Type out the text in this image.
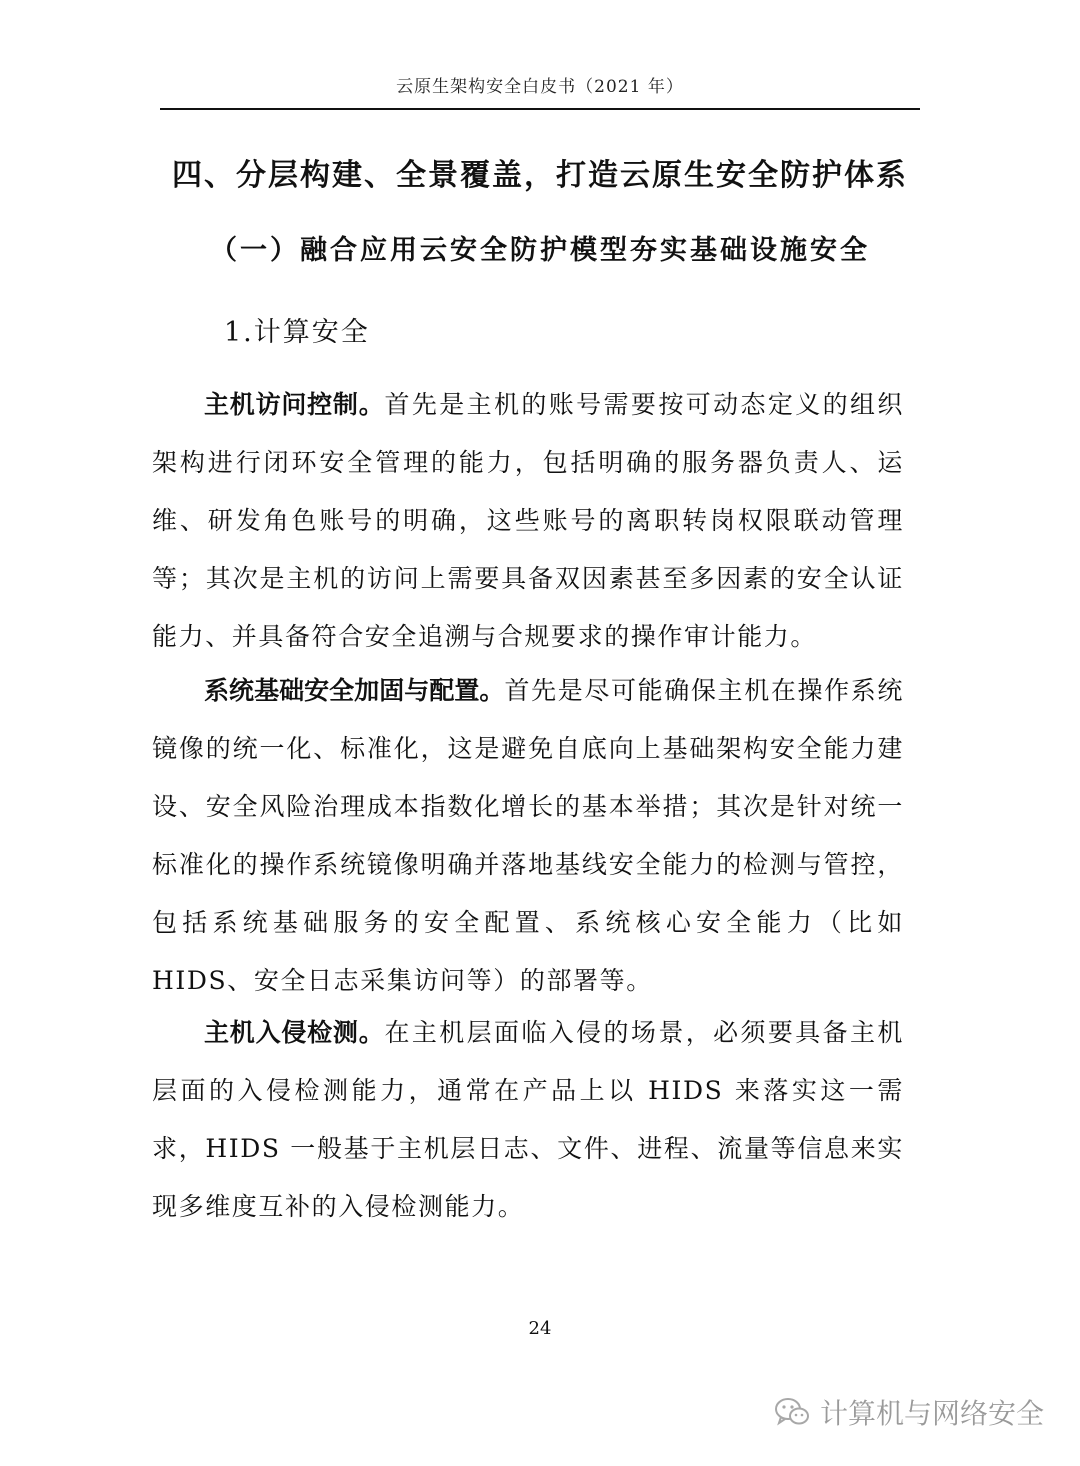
云原生架构安全白皮书（2021 年）
四、分层构建、全景覆盖，打造云原生安全防护体系
（一）融合应用云安全防护模型夯实基础设施安全
1.计算安全

主机访问控制。首先是主机的账号需要按可动态定义的组织架构进行闭环安全管理的能力，包括明确的服务器负责人、运维、研发角色账号的明确，这些账号的离职转岗权限联动管理等；其次是主机的访问上需要具备双因素甚至多因素的安全认证能力、并具备符合安全追溯与合规要求的操作审计能力。

系统基础安全加固与配置。首先是尽可能确保主机在操作系统镜像的统一化、标准化，这是避免自底向上基础架构安全能力建设、安全风险治理成本指数化增长的基本举措；其次是针对统一标准化的操作系统镜像明确并落地基线安全能力的检测与管控，包括系统基础服务的安全配置、系统核心安全能力（比如HIDS、安全日志采集访问等）的部署等。

主机入侵检测。在主机层面临入侵的场景，必须要具备主机层面的入侵检测能力，通常在产品上以 HIDS 来落实这一需求，HIDS 一般基于主机层日志、文件、进程、流量等信息来实现多维度互补的入侵检测能力。

24
计算机与网络安全
